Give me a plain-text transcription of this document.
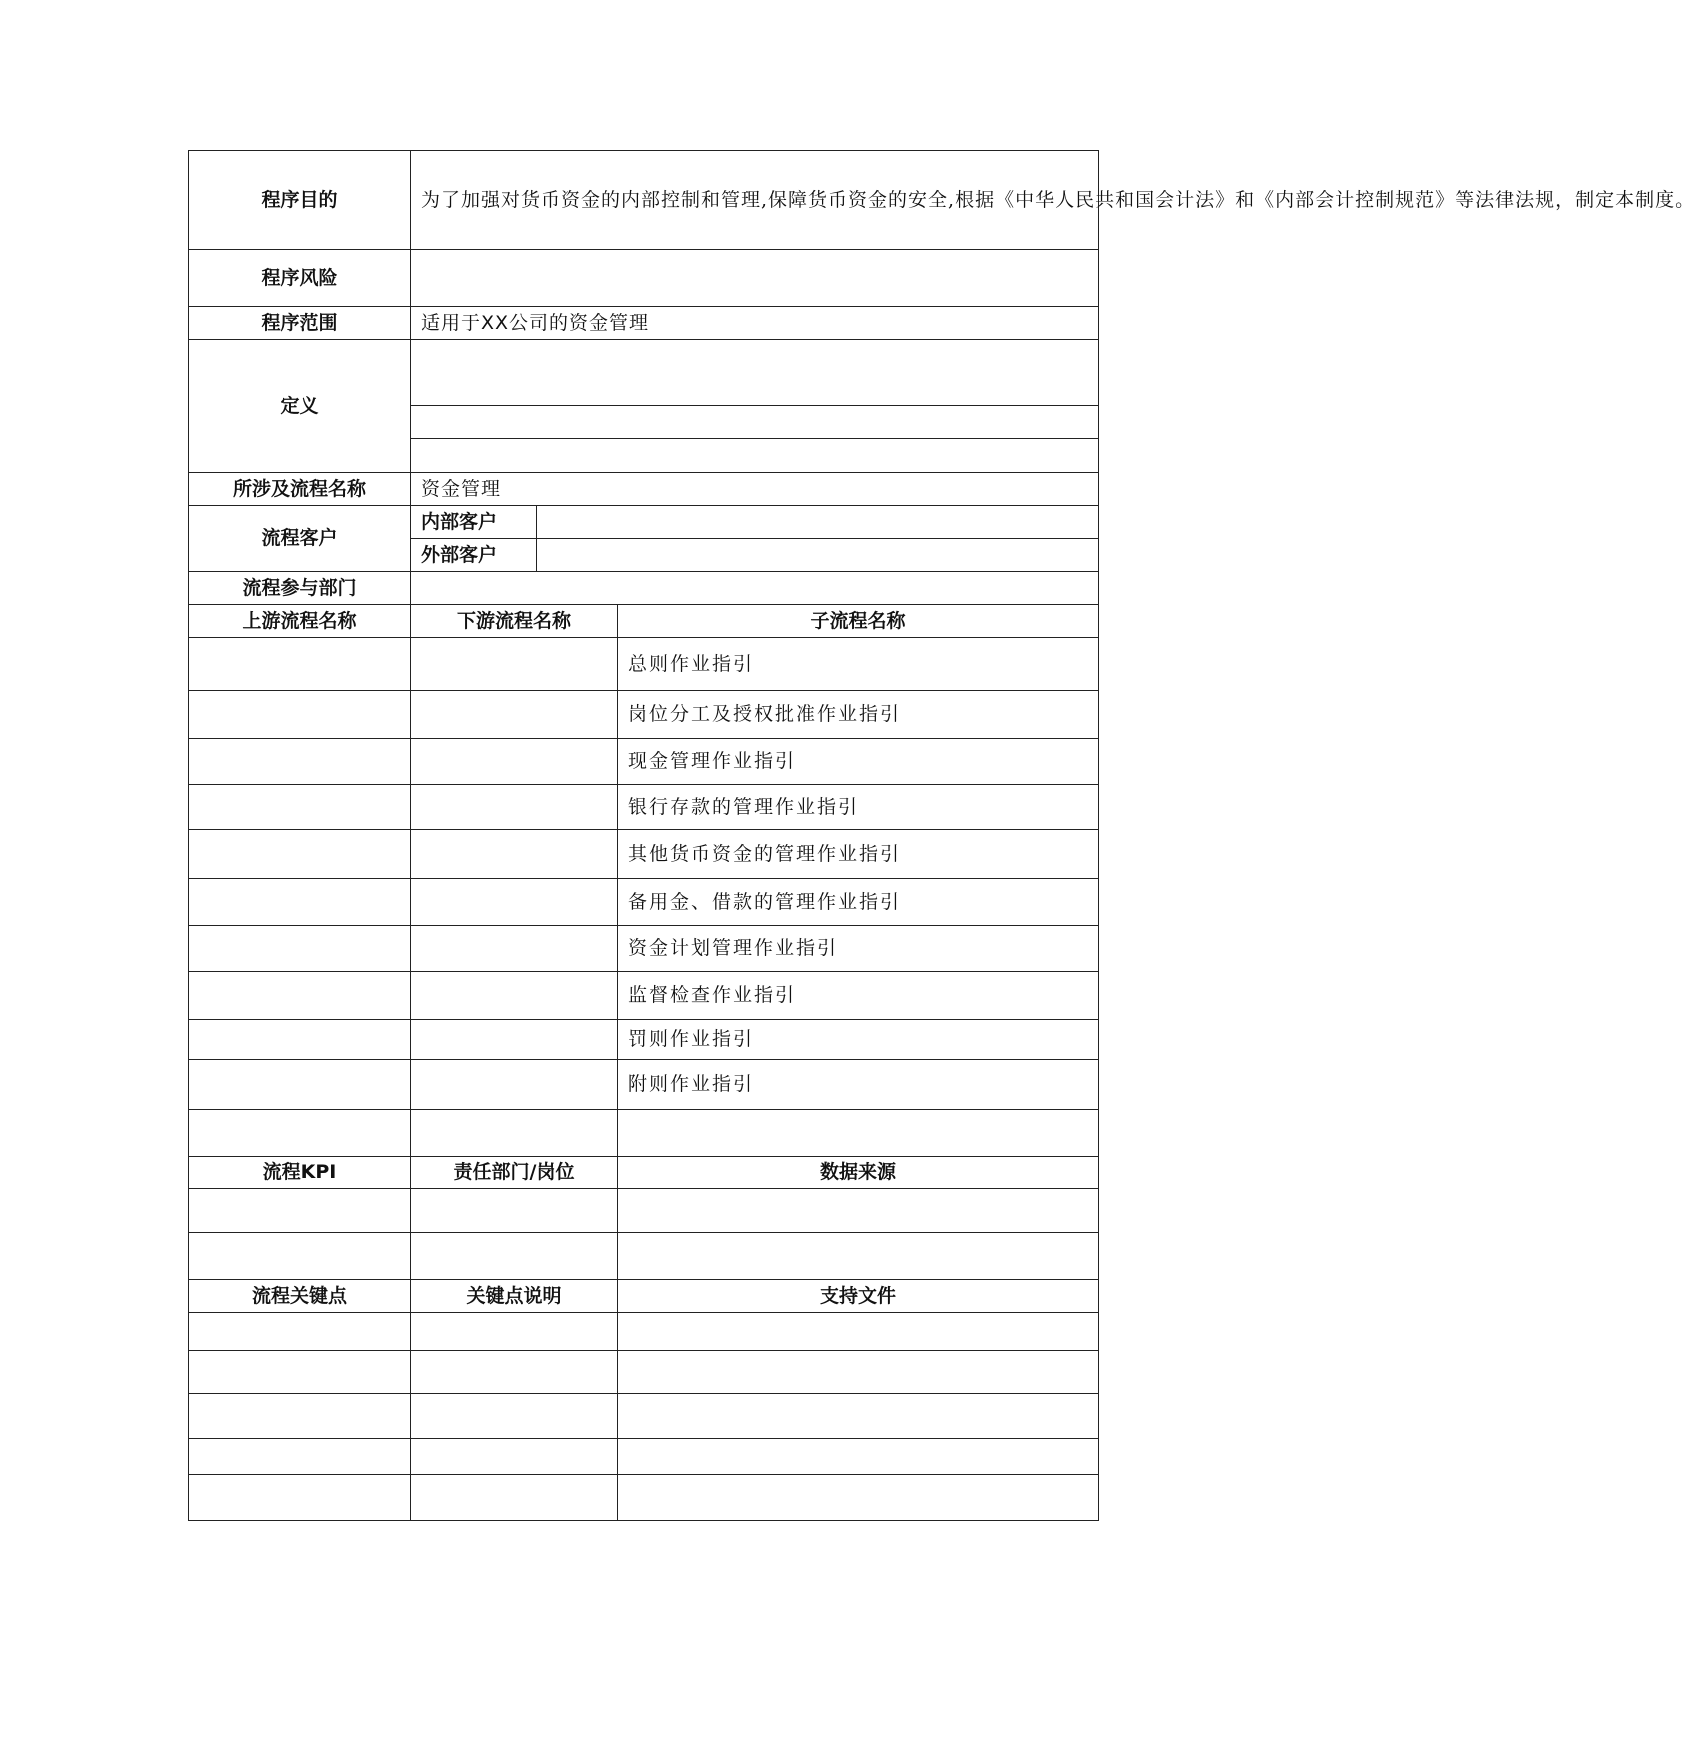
程序目的	为了加强对货币资金的内部控制和管理,保障货币资金的安全,根据《中华人民共和国会计法》和《内部会计控制规范》等法律法规，制定本制度。		
程序风险			
程序范围	适用于XX公司的资金管理		
定义			

所涉及流程名称	资金管理		
流程客户	内部客户		
	外部客户		
流程参与部门			
上游流程名称	下游流程名称		子流程名称
			总则作业指引
			岗位分工及授权批准作业指引
			现金管理作业指引
			银行存款的管理作业指引
			其他货币资金的管理作业指引
			备用金、借款的管理作业指引
			资金计划管理作业指引
			监督检查作业指引
			罚则作业指引
			附则作业指引

流程KPI	责任部门/岗位		数据来源

流程关键点	关键点说明		支持文件
